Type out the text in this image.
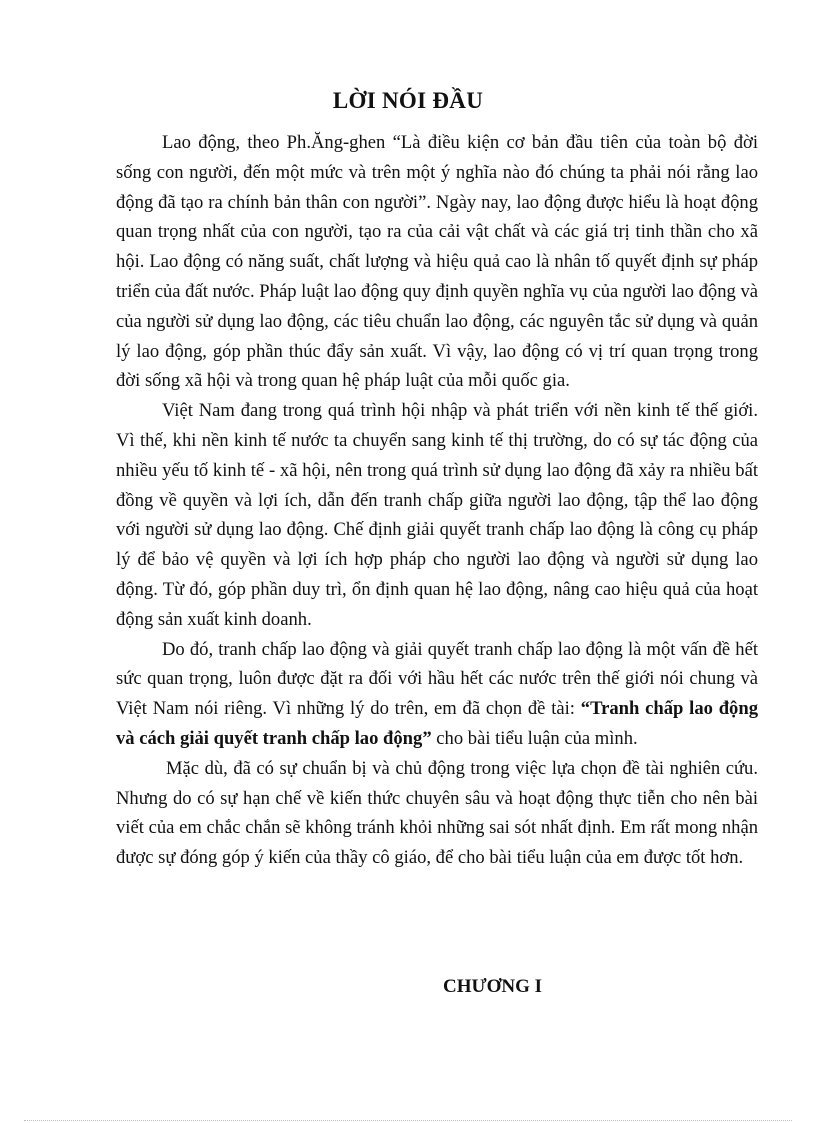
LỜI NÓI ĐẦU

Lao động, theo Ph.Ăng-ghen “Là điều kiện cơ bản đầu tiên của toàn bộ đời sống con người, đến một mức và trên một ý nghĩa nào đó chúng ta phải nói rằng lao động đã tạo ra chính bản thân con người”. Ngày nay, lao động được hiểu là hoạt động quan trọng nhất của con người, tạo ra của cải vật chất và các giá trị tinh thần cho xã hội. Lao động có năng suất, chất lượng và hiệu quả cao là nhân tố quyết định sự pháp triển của đất nước. Pháp luật lao động quy định quyền nghĩa vụ của người lao động và của người sử dụng lao động, các tiêu chuẩn lao động, các nguyên tắc sử dụng và quản lý lao động, góp phần thúc đẩy sản xuất. Vì vậy, lao động có vị trí quan trọng trong đời sống xã hội và trong quan hệ pháp luật của mỗi quốc gia.

Việt Nam đang trong quá trình hội nhập và phát triển với nền kinh tế thế giới. Vì thế, khi nền kinh tế nước ta chuyển sang kinh tế thị trường, do có sự tác động của nhiều yếu tố kinh tế - xã hội, nên trong quá trình sử dụng lao động đã xảy ra nhiều bất đồng về quyền và lợi ích, dẫn đến tranh chấp giữa người lao động, tập thể lao động với người sử dụng lao động. Chế định giải quyết tranh chấp lao động là công cụ pháp lý để bảo vệ quyền và lợi ích hợp pháp cho người lao động và người sử dụng lao động. Từ đó, góp phần duy trì, ổn định quan hệ lao động, nâng cao hiệu quả của hoạt động sản xuất kinh doanh.

Do đó, tranh chấp lao động và giải quyết tranh chấp lao động là một vấn đề hết sức quan trọng, luôn được đặt ra đối với hầu hết các nước trên thế giới nói chung và Việt Nam nói riêng. Vì những lý do trên, em đã chọn đề tài: “Tranh chấp lao động và cách giải quyết tranh chấp lao động” cho bài tiểu luận của mình.

Mặc dù, đã có sự chuẩn bị và chủ động trong việc lựa chọn đề tài nghiên cứu. Nhưng do có sự hạn chế về kiến thức chuyên sâu và hoạt động thực tiễn cho nên bài viết của em chắc chắn sẽ không tránh khỏi những sai sót nhất định. Em rất mong nhận được sự đóng góp ý kiến của thầy cô giáo, để cho bài tiểu luận của em được tốt hơn.

CHƯƠNG I
